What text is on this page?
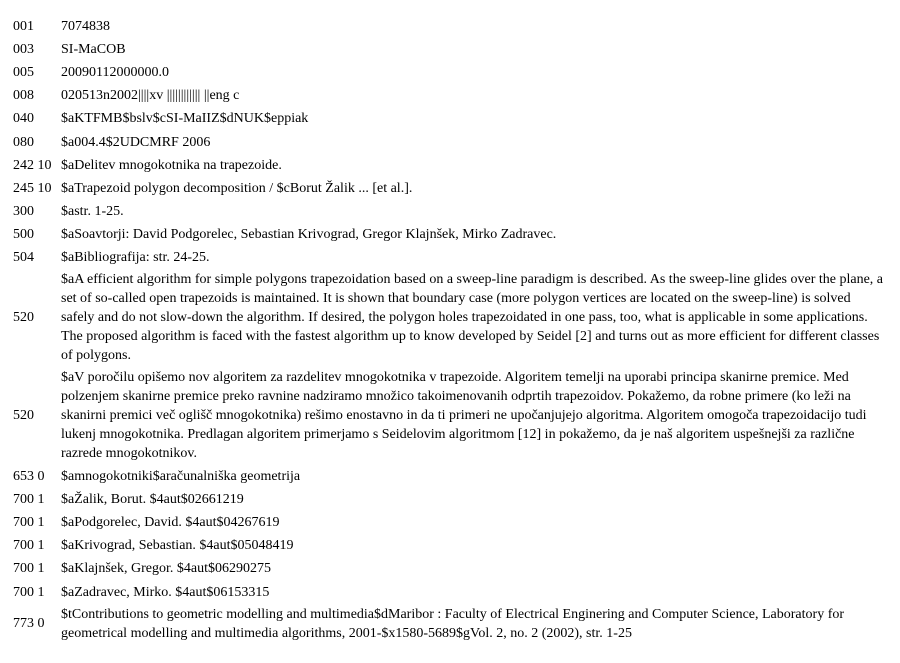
001	7074838
003	SI-MaCOB
005	20090112000000.0
008	020513n2002||||xv |||||||||||| ||eng c
040	$aKTFMB$bslv$cSI-MaIIZ$dNUK$eppiak
080	$a004.4$2UDCMRF 2006
242 10	$aDelitev mnogokotnika na trapezoide.
245 10	$aTrapezoid polygon decomposition / $cBorut Žalik ... [et al.].
300	$astr. 1-25.
500	$aSoavtorji: David Podgorelec, Sebastian Krivograd, Gregor Klajnšek, Mirko Zadravec.
504	$aBibliografija: str. 24-25.
520	$aA efficient algorithm for simple polygons trapezoidation based on a sweep-line paradigm is described. As the sweep-line glides over the plane, a set of so-called open trapezoids is maintained. It is shown that boundary case (more polygon vertices are located on the sweep-line) is solved safely and do not slow-down the algorithm. If desired, the polygon holes trapezoidated in one pass, too, what is applicable in some applications. The proposed algorithm is faced with the fastest algorithm up to know developed by Seidel [2] and turns out as more efficient for different classes of polygons.
520	$aV poročilu opišemo nov algoritem za razdelitev mnogokotnika v trapezoide. Algoritem temelji na uporabi principa skanirne premice. Med polzenjem skanirne premice preko ravnine nadziramo množico takoimenovanih odprtih trapezoidov. Pokažemo, da robne primere (ko leži na skanirni premici več oglišč mnogokotnika) rešimo enostavno in da ti primeri ne upočanjujejo algoritma. Algoritem omogoča trapezoidacijo tudi lukenj mnogokotnika. Predlagan algoritem primerjamo s Seidelovim algoritmom [12] in pokažemo, da je naš algoritem uspešnejši za različne razrede mnogokotnikov.
653 0	$amnogokotniki$aračunalniška geometrija
700 1	$aŽalik, Borut. $4aut$02661219
700 1	$aPodgorelec, David. $4aut$04267619
700 1	$aKrivograd, Sebastian. $4aut$05048419
700 1	$aKlajnšek, Gregor. $4aut$06290275
700 1	$aZadravec, Mirko. $4aut$06153315
773 0	$tContributions to geometric modelling and multimedia$dMaribor : Faculty of Electrical Enginering and Computer Science, Laboratory for geometrical modelling and multimedia algorithms, 2001-$x1580-5689$gVol. 2, no. 2 (2002), str. 1-25
